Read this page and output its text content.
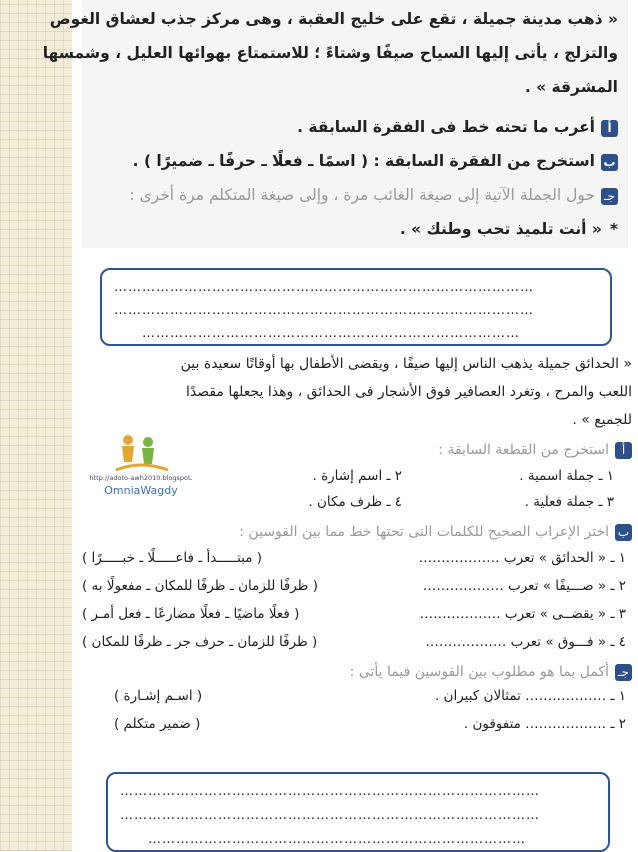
« ذهب مدينة جميلة ، تقع على خليج العقبة ، وهى مركز جذب لعشاق الغوص
والتزلج ، يأتى إليها السياح صيفًا وشتاءً ؛ للاستمتاع بهوائها العليل ، وشمسها
المشرقة » .
أأعرب ما تحته خط فى الفقرة السابقة .
باستخرج من الفقرة السابقة : ( اسمًا ـ فعلًا ـ حرفًا ـ ضميرًا ) .
جـحول الجملة الآتية إلى صيغة الغائب مرة ، وإلى صيغة المتكلم مرة أخرى :
*« أنت تلميذ تحب وطنك » .
………………………………………………………………………………
………………………………………………………………………………
………………………………………………………………………
« الحدائق جميلة يذهب الناس إليها صيفًا ، ويقضى الأطفال بها أوقاتًا سعيدة بين
اللعب والمرح ، وتغرد العصافير فوق الأشجار فى الحدائق ، وهذا يجعلها مقصدًا
للجميع » .
أاستخرج من القطعة السابقة :
١ ـ جملة اسمية .
٢ ـ اسم إشارة .
٣ ـ جملة فعلية .
٤ ـ ظرف مكان .
باختر الإعراب الصحيح للكلمات التى تحتها خط مما بين القوسين :
١ ـ « الحدائق » تعرب ………………
( مبتـــــدأ ـ فاعـــــلًا ـ خبـــــرًا )
٢ ـ « صـــيفًا » تعرب ………………
( ظرفًا للزمان ـ ظرفًا للمكان ـ مفعولًا به )
٣ ـ « يقضــى » تعرب ………………
( فعلًا ماضيًا ـ فعلًا مضارعًا ـ فعل أمـر )
٤ ـ « فـــوق » تعرب ………………
( ظرفًا للزمان ـ حرف جر ـ ظرفًا للمكان )
جـأكمل بما هو مطلوب بين القوسين فيما يأتى :
١ ـ ……………… تمثالان كبيران .
( اسـم إشـارة )
٢ ـ ……………… متفوقون .
( ضمير متكلم )
http://adoto-awh2010.blogspot.
OmniaWagdy
………………………………………………………………………………
………………………………………………………………………………
………………………………………………………………………
